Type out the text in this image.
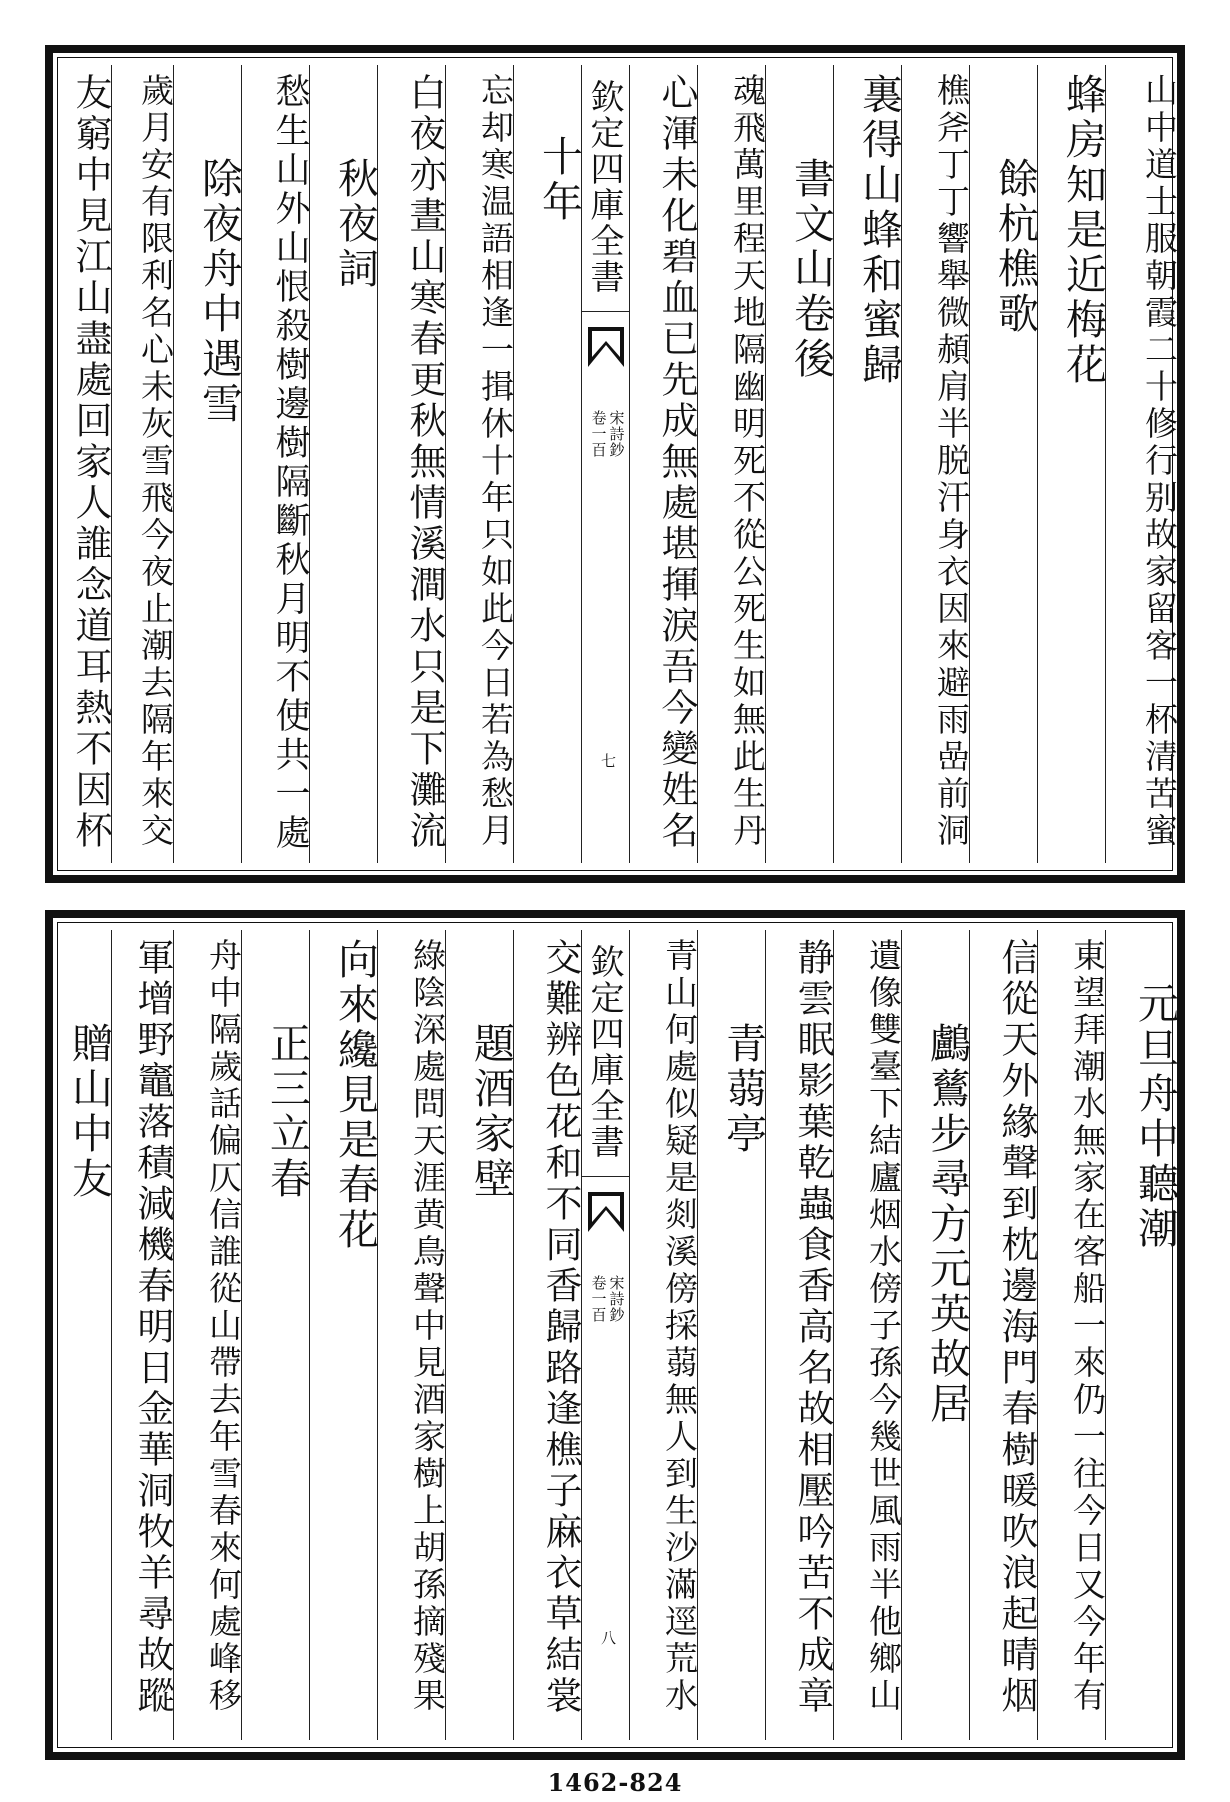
山中道士服朝霞二十修行别故家留客一杯清苦蜜
蜂房知是近梅花
餘杭樵歌
樵斧丁丁響舉微頳肩半脱汗身衣因來避雨嵒前洞
裏得山蜂和蜜歸
書文山卷後
魂飛萬里程天地隔幽明死不從公死生如無此生丹
心渾未化碧血已先成無處堪揮淚吾今變姓名
欽定四庫全書
宋詩鈔
卷一百
七
十年
忘却寒温語相逢一揖休十年只如此今日若為愁月
白夜亦晝山寒春更秋無情溪澗水只是下灘流
秋夜詞
愁生山外山恨殺樹邊樹隔斷秋月明不使共一處
除夜舟中遇雪
歲月安有限利名心未灰雪飛今夜止潮去隔年來交
友窮中見江山盡處回家人誰念道耳熱不因杯
元旦舟中聽潮
東望拜潮水無家在客船一來仍一往今日又今年有
信從天外緣聲到枕邊海門春樹暖吹浪起晴烟
鸕鶿步尋方元英故居
遺像雙臺下結廬烟水傍子孫今幾世風雨半他鄉山
静雲眠影葉乾蟲食香高名故相壓吟苦不成章
青蒻亭
青山何處似疑是剡溪傍採蒻無人到生沙滿逕荒水
欽定四庫全書
宋詩鈔
卷一百
八
交難辨色花和不同香歸路逢樵子麻衣草結裳
題酒家壁
綠陰深處問天涯黄鳥聲中見酒家樹上胡孫摘殘果
向來纔見是春花
正三立春
舟中隔歲話偏仄信誰從山帶去年雪春來何處峰移
軍增野竈落積減機春明日金華洞牧羊尋故蹤
贈山中友
1462-824
